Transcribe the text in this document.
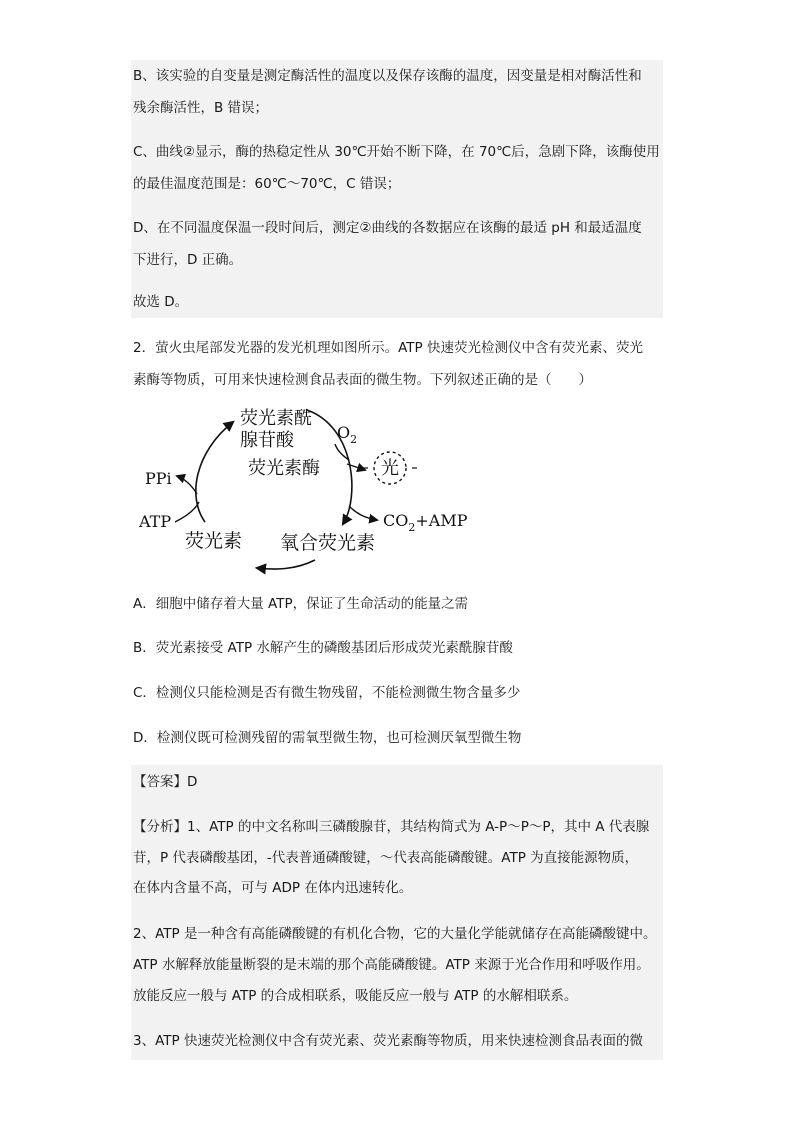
B、该实验的自变量是测定酶活性的温度以及保存该酶的温度，因变量是相对酶活性和
残余酶活性，B 错误；
C、曲线②显示，酶的热稳定性从 30℃开始不断下降，在 70℃后，急剧下降，该酶使用
的最佳温度范围是：60℃～70℃，C 错误；
D、在不同温度保温一段时间后，测定②曲线的各数据应在该酶的最适 pH 和最适温度
下进行，D 正确。
故选 D。
2．萤火虫尾部发光器的发光机理如图所示。ATP 快速荧光检测仪中含有荧光素、荧光
素酶等物质，可用来快速检测食品表面的微生物。下列叙述正确的是（　　）
荧光素酰
腺苷酸
荧光素酶
$O_2$
光
PPi
ATP
荧光素 氧合荧光素
$CO_2+AMP$
A．细胞中储存着大量 ATP，保证了生命活动的能量之需
B．荧光素接受 ATP 水解产生的磷酸基团后形成荧光素酰腺苷酸
C．检测仪只能检测是否有微生物残留，不能检测微生物含量多少
D．检测仪既可检测残留的需氧型微生物，也可检测厌氧型微生物
【答案】D
【分析】1、ATP 的中文名称叫三磷酸腺苷，其结构简式为 A-P～P～P，其中 A 代表腺
苷，P 代表磷酸基团，-代表普通磷酸键，～代表高能磷酸键。ATP 为直接能源物质，
在体内含量不高，可与 ADP 在体内迅速转化。
2、ATP 是一种含有高能磷酸键的有机化合物，它的大量化学能就储存在高能磷酸键中。
ATP 水解释放能量断裂的是末端的那个高能磷酸键。ATP 来源于光合作用和呼吸作用。
放能反应一般与 ATP 的合成相联系，吸能反应一般与 ATP 的水解相联系。
3、ATP 快速荧光检测仪中含有荧光素、荧光素酶等物质，用来快速检测食品表面的微
